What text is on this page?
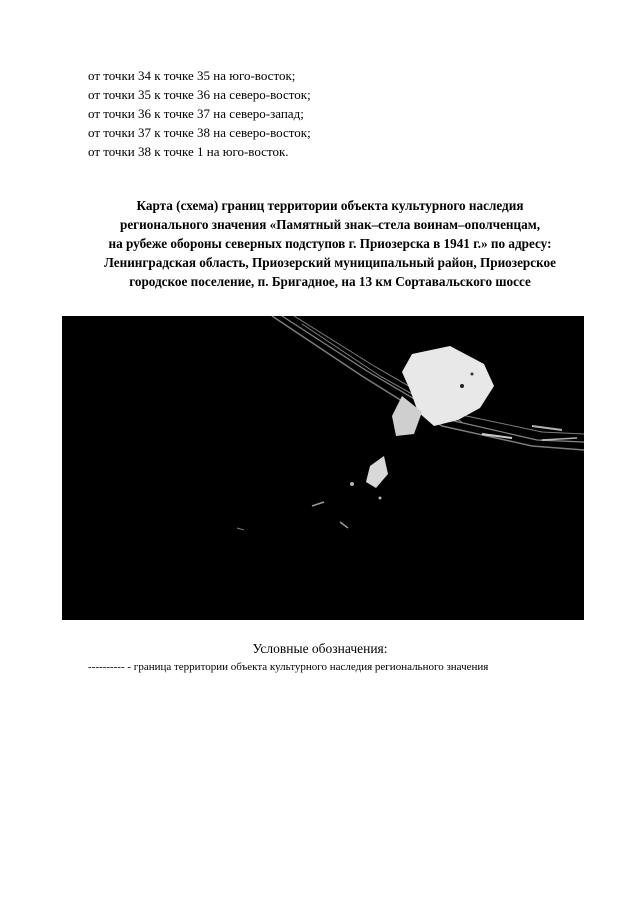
от точки 34 к точке 35 на юго-восток;
от точки 35 к точке 36 на северо-восток;
от точки 36 к точке 37 на северо-запад;
от точки 37 к точке 38 на северо-восток;
от точки 38 к точке 1 на юго-восток.
Карта (схема) границ территории объекта культурного наследия
регионального значения «Памятный знак–стела воинам–ополченцам,
на рубеже обороны северных подступов г. Приозерска в 1941 г.» по адресу:
Ленинградская область, Приозерский муниципальный район, Приозерское
городское поселение, п. Бригадное, на 13 км Сортавальского шоссе
Условные обозначения:
---------- - граница территории объекта культурного наследия регионального значения
